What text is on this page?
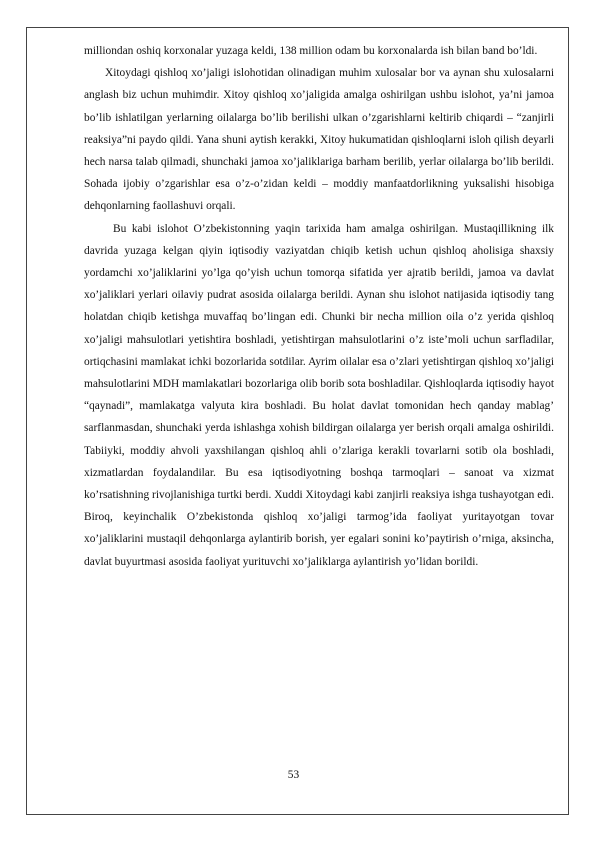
milliondan oshiq korxonalar yuzaga keldi, 138 million odam bu korxonalarda ish bilan band bo’ldi.

Xitoydagi qishloq xo’jaligi islohotidan olinadigan muhim xulosalar bor va aynan shu xulosalarni anglash biz uchun muhimdir. Xitoy qishloq xo’jaligida amalga oshirilgan ushbu islohot, ya’ni jamoa bo’lib ishlatilgan yerlarning oilalarga bo’lib berilishi ulkan o’zgarishlarni keltirib chiqardi – “zanjirli reaksiya”ni paydo qildi. Yana shuni aytish kerakki, Xitoy hukumatidan qishloqlarni isloh qilish deyarli hech narsa talab qilmadi, shunchaki jamoa xo’jaliklariga barham berilib, yerlar oilalarga bo’lib berildi. Sohada ijobiy o’zgarishlar esa o’z-o’zidan keldi – moddiy manfaatdorlikning yuksalishi hisobiga dehqonlarning faollashuvi orqali.

Bu kabi islohot O’zbekistonning yaqin tarixida ham amalga oshirilgan. Mustaqillikning ilk davrida yuzaga kelgan qiyin iqtisodiy vaziyatdan chiqib ketish uchun qishloq aholisiga shaxsiy yordamchi xo’jaliklarini yo’lga qo’yish uchun tomorqa sifatida yer ajratib berildi, jamoa va davlat xo’jaliklari yerlari oilaviy pudrat asosida oilalarga berildi. Aynan shu islohot natijasida iqtisodiy tang holatdan chiqib ketishga muvaffaq bo’lingan edi. Chunki bir necha million oila o’z yerida qishloq xo’jaligi mahsulotlari yetishtira boshladi, yetishtirgan mahsulotlarini o’z iste’moli uchun sarfladilar, ortiqchasini mamlakat ichki bozorlarida sotdilar. Ayrim oilalar esa o’zlari yetishtirgan qishloq xo’jaligi mahsulotlarini MDH mamlakatlari bozorlariga olib borib sota boshladilar. Qishloqlarda iqtisodiy hayot “qaynadi”, mamlakatga valyuta kira boshladi. Bu holat davlat tomonidan hech qanday mablag’ sarflanmasdan, shunchaki yerda ishlashga xohish bildirgan oilalarga yer berish orqali amalga oshirildi. Tabiiyki, moddiy ahvoli yaxshilangan qishloq ahli o’zlariga kerakli tovarlarni sotib ola boshladi, xizmatlardan foydalandilar. Bu esa iqtisodiyotning boshqa tarmoqlari – sanoat va xizmat ko’rsatishning rivojlanishiga turtki berdi. Xuddi Xitoydagi kabi zanjirli reaksiya ishga tushayotgan edi. Biroq, keyinchalik O’zbekistonda qishloq xo’jaligi tarmog’ida faoliyat yuritayotgan tovar xo’jaliklarini mustaqil dehqonlarga aylantirib borish, yer egalari sonini ko’paytirish o’rniga, aksincha, davlat buyurtmasi asosida faoliyat yurituvchi xo’jaliklarga aylantirish yo’lidan borildi.

53
